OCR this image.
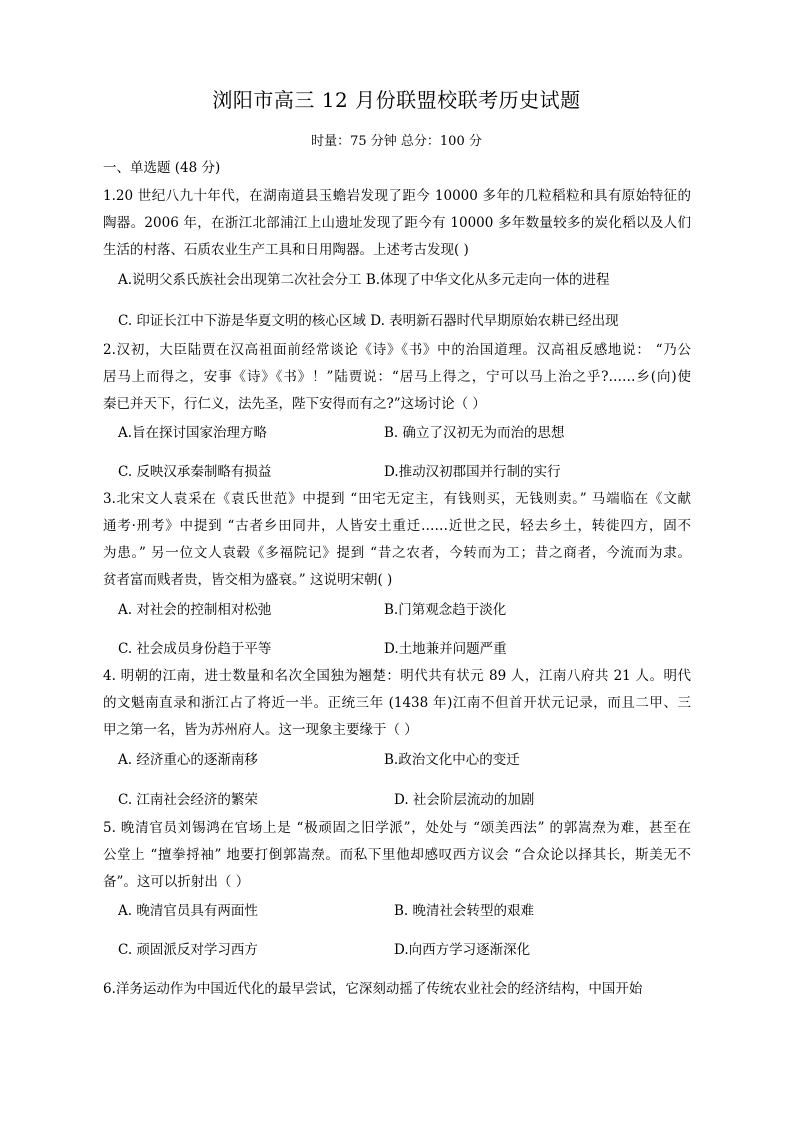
浏阳市高三 12 月份联盟校联考历史试题
时量：75 分钟 总分：100 分
一、单选题 (48 分)
1.20 世纪八九十年代，在湖南道县玉蟾岩发现了距今 10000 多年的几粒稻粒和具有原始特征的
陶器。2006 年，在浙江北部浦江上山遗址发现了距今有 10000 多年数量较多的炭化稻以及人们
生活的村落、石质农业生产工具和日用陶器。上述考古发现( )
A.说明父系氏族社会出现第二次社会分工 B.体现了中华文化从多元走向一体的进程
C. 印证长江中下游是华夏文明的核心区域 D. 表明新石器时代早期原始农耕已经出现
2.汉初，大臣陆贾在汉高祖面前经常谈论《诗》《书》中的治国道理。汉高祖反感地说： “乃公
居马上而得之，安事《诗》《书》！”陆贾说：“居马上得之，宁可以马上治之乎?……乡(向)使
秦已并天下，行仁义，法先圣，陛下安得而有之?”这场讨论（ ）
A.旨在探讨国家治理方略	B. 确立了汉初无为而治的思想
C. 反映汉承秦制略有损益	D.推动汉初郡国并行制的实行
3.北宋文人袁采在《袁氏世范》中提到 “田宅无定主，有钱则买，无钱则卖。” 马端临在《文献
通考·刑考》中提到 “古者乡田同井，人皆安土重迁……近世之民，轻去乡土，转徙四方，固不
为患。” 另一位文人袁毂《多福院记》提到 “昔之农者，今转而为工；昔之商者，今流而为隶。
贫者富而贱者贵，皆交相为盛衰。” 这说明宋朝( )
A. 对社会的控制相对松弛	B.门第观念趋于淡化
C. 社会成员身份趋于平等	D.土地兼并问题严重
4. 明朝的江南，进士数量和名次全国独为翘楚：明代共有状元 89 人，江南八府共 21 人。明代
的文魁南直录和浙江占了将近一半。正统三年 (1438 年)江南不但首开状元记录，而且二甲、三
甲之第一名，皆为苏州府人。这一现象主要缘于（ ）
A. 经济重心的逐渐南移	B.政治文化中心的变迁
C. 江南社会经济的繁荣	D. 社会阶层流动的加剧
5. 晚清官员刘锡鸿在官场上是 “极顽固之旧学派”，处处与 “颂美西法” 的郭嵩焘为难，甚至在
公堂上 “擅拳捋袖” 地要打倒郭嵩焘。而私下里他却感叹西方议会 “合众论以择其长，斯美无不
备”。这可以折射出（ ）
A. 晚清官员具有两面性	B. 晚清社会转型的艰难
C. 顽固派反对学习西方	D.向西方学习逐渐深化
6.洋务运动作为中国近代化的最早尝试，它深刻动摇了传统农业社会的经济结构，中国开始
